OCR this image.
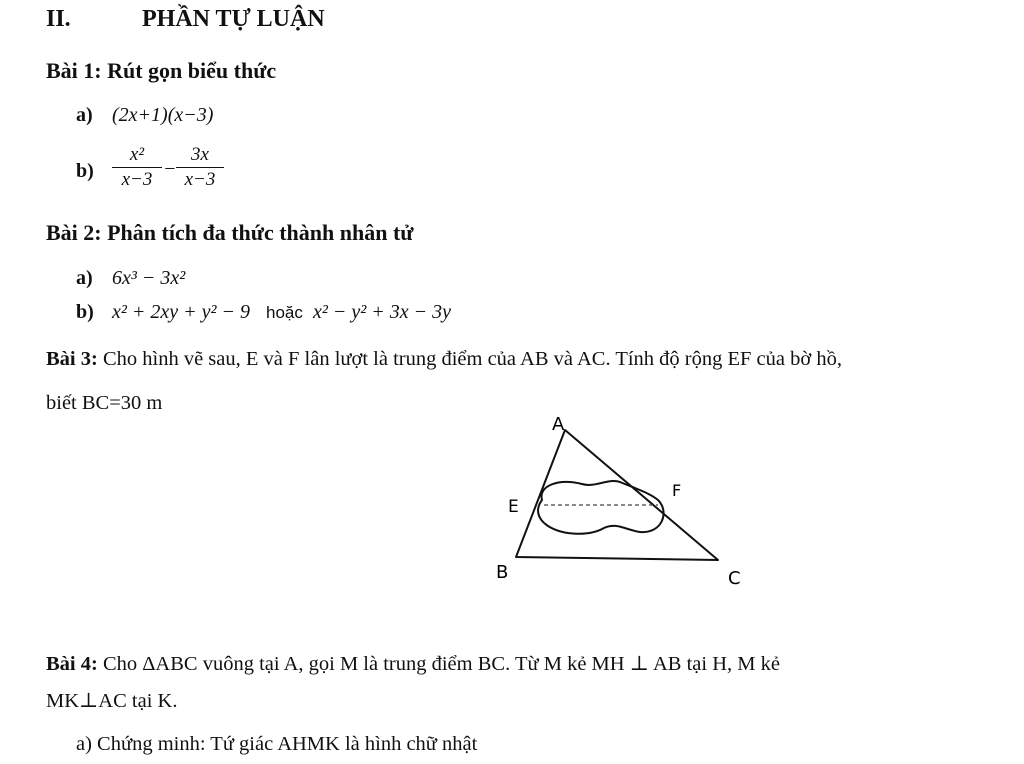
II.	PHẦN TỰ LUẬN
Bài 1: Rút gọn biểu thức
a) (2x+1)(x−3)
b)
x²
x−3 −
3x
x−3
Bài 2: Phân tích đa thức thành nhân tử
a) 6x³ − 3x²
b) x² + 2xy + y² − 9 hoặc x² − y² + 3x − 3y
Bài 3: Cho hình vẽ sau, E và F lân lượt là trung điểm của AB và AC. Tính độ rộng EF của bờ hồ,
biết BC=30 m
A
E
F
B	C
Bài 4: Cho ΔABC vuông tại A, gọi M là trung điểm BC. Từ M kẻ MH ⊥ AB tại H, M kẻ
MK⊥AC tại K.
a) Chứng minh: Tứ giác AHMK là hình chữ nhật
